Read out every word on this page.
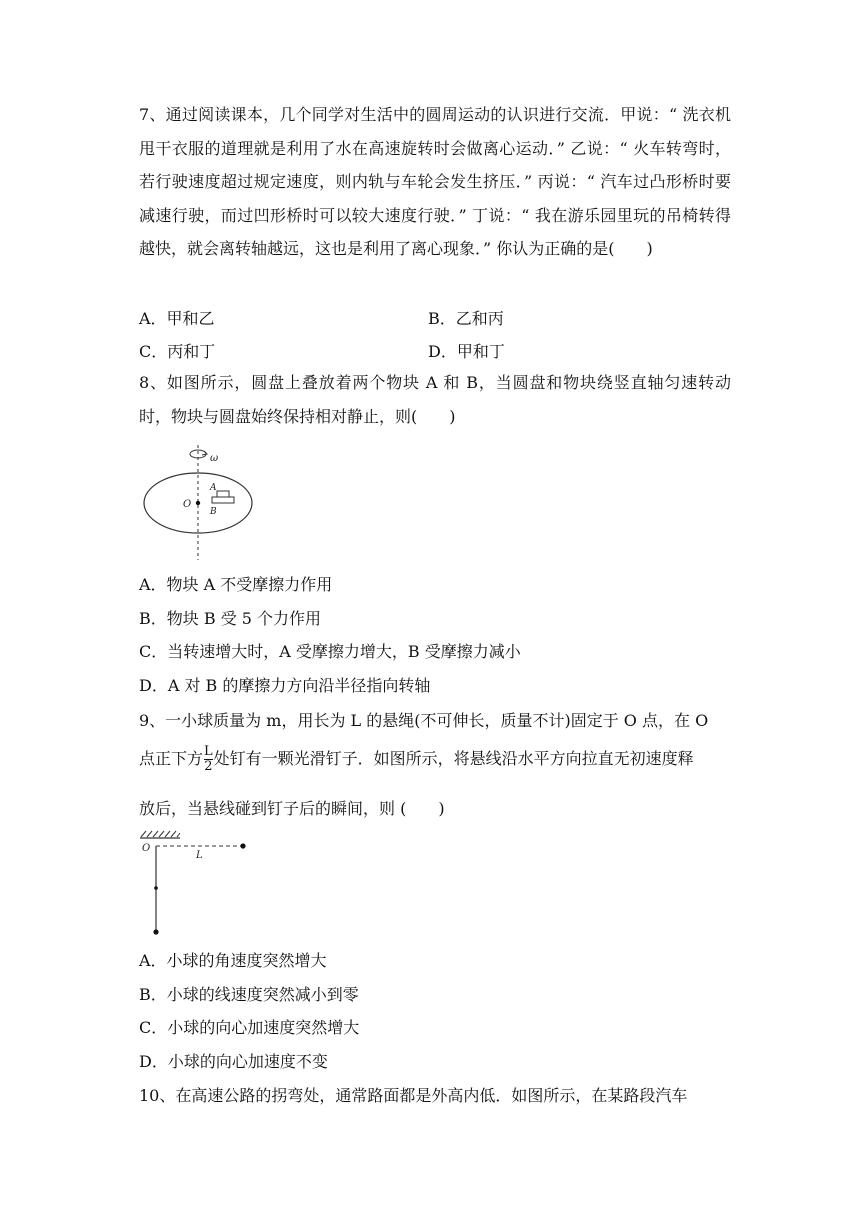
7、通过阅读课本，几个同学对生活中的圆周运动的认识进行交流．甲说：“ 洗衣机甩干衣服的道理就是利用了水在高速旋转时会做离心运动．” 乙说：“ 火车转弯时，若行驶速度超过规定速度，则内轨与车轮会发生挤压．” 丙说：“ 汽车过凸形桥时要减速行驶，而过凹形桥时可以较大速度行驶．” 丁说：“ 我在游乐园里玩的吊椅转得越快，就会离转轴越远，这也是利用了离心现象．” 你认为正确的是(　　)

A．甲和乙	B．乙和丙
C．丙和丁	D．甲和丁

8、如图所示，圆盘上叠放着两个物块 A 和 B，当圆盘和物块绕竖直轴匀速转动时，物块与圆盘始终保持相对静止，则(　　)

ω
O
A
B
A．物块 A 不受摩擦力作用
B．物块 B 受 5 个力作用
C．当转速增大时，A 受摩擦力增大，B 受摩擦力减小
D．A 对 B 的摩擦力方向沿半径指向转轴
9、一小球质量为 m，用长为 L 的悬绳(不可伸长，质量不计)固定于 O 点，在 O
点正下方 $\frac{L}{2}$ 处钉有一颗光滑钉子．如图所示，将悬线沿水平方向拉直无初速度释
放后，当悬线碰到钉子后的瞬间，则 (　　)
O
L
A．小球的角速度突然增大
B．小球的线速度突然减小到零
C．小球的向心加速度突然增大
D．小球的向心加速度不变
10、在高速公路的拐弯处，通常路面都是外高内低．如图所示，在某路段汽车
